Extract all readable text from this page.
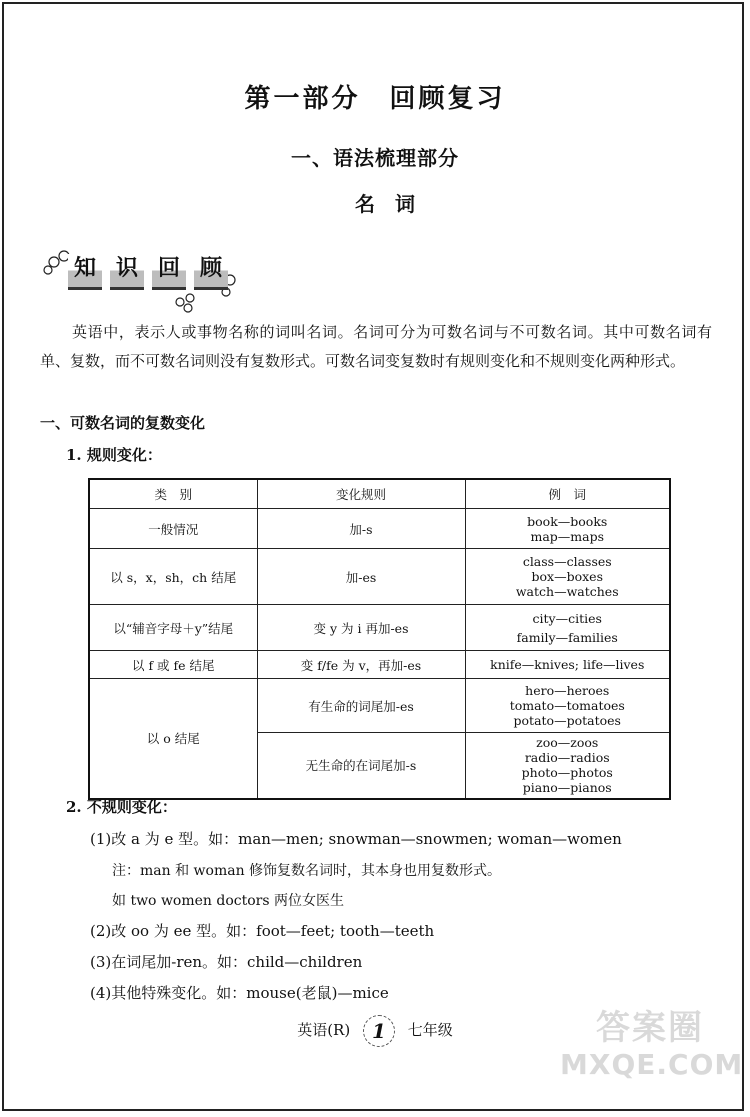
第一部分　回顾复习
一、语法梳理部分
名词
知 识 回 顾
英语中，表示人或事物名称的词叫名词。名词可分为可数名词与不可数名词。其中可数名词有单、复数，而不可数名词则没有复数形式。可数名词变复数时有规则变化和不规则变化两种形式。
一、可数名词的复数变化
1. 规则变化：
类　别	变化规则	例　词
一般情况	加-s	book—books
map—maps

以 s，x，sh，ch 结尾	加-es	class—classes
box—boxes
watch—watches

以“辅音字母＋y”结尾	变 y 为 i 再加-es	city—cities
family—families

以 f 或 fe 结尾	变 f/fe 为 v，再加-es	knife—knives; life—lives

以 o 结尾	有生命的词尾加-es	hero—heroes
tomato—tomatoes
potato—potatoes

	无生命的在词尾加-s	zoo—zoos
radio—radios
photo—photos
piano—pianos
2. 不规则变化：
(1)改 a 为 e 型。如：man—men; snowman—snowmen; woman—women
注：man 和 woman 修饰复数名词时，其本身也用复数形式。
如 two women doctors 两位女医生
(2)改 oo 为 ee 型。如：foot—feet; tooth—teeth
(3)在词尾加-ren。如：child—children
(4)其他特殊变化。如：mouse(老鼠)—mice
英语(R) 1 七年级	答案圈
MXQE.COM
